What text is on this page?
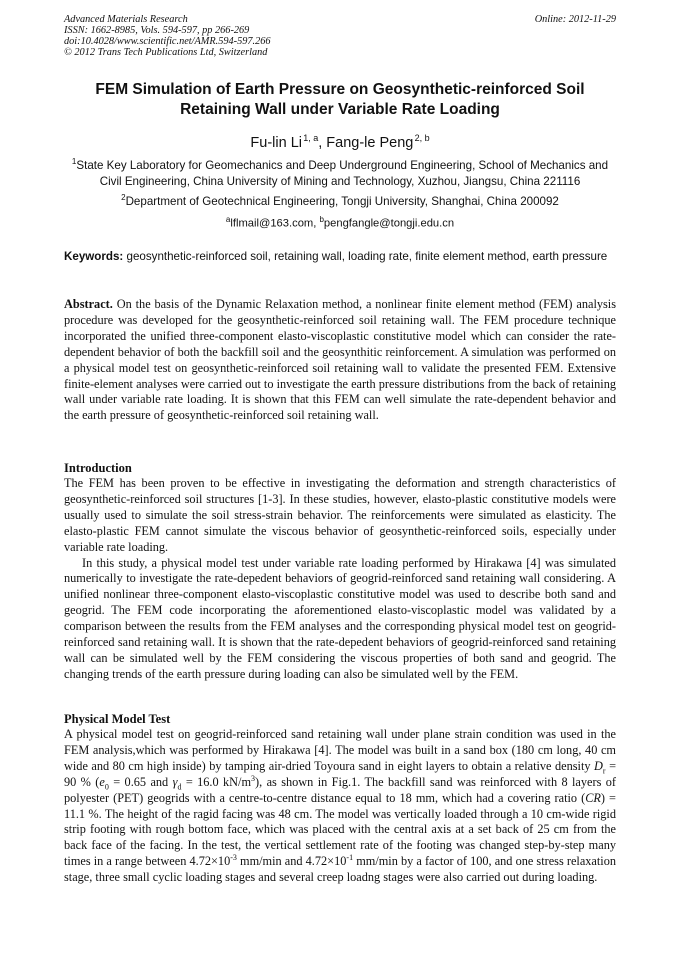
Advanced Materials Research
ISSN: 1662-8985, Vols. 594-597, pp 266-269
doi:10.4028/www.scientific.net/AMR.594-597.266
© 2012 Trans Tech Publications Ltd, Switzerland
Online: 2012-11-29
FEM Simulation of Earth Pressure on Geosynthetic-reinforced Soil
Retaining Wall under Variable Rate Loading
Fu-lin Li $^{1, a}$, Fang-le Peng $^{2, b}$
$^1$State Key Laboratory for Geomechanics and Deep Underground Engineering, School of Mechanics and Civil Engineering, China University of Mining and Technology, Xuzhou, Jiangsu, China 221116
$^2$Department of Geotechnical Engineering, Tongji University, Shanghai, China 200092
$^a$lflmail@163.com, $^b$pengfangle@tongji.edu.cn
Keywords: geosynthetic-reinforced soil, retaining wall, loading rate, finite element method, earth pressure
Abstract. On the basis of the Dynamic Relaxation method, a nonlinear finite element method (FEM) analysis procedure was developed for the geosynthetic-reinforced soil retaining wall. The FEM procedure technique incorporated the unified three-component elasto-viscoplastic constitutive model which can consider the rate-dependent behavior of both the backfill soil and the geosynthitic reinforcement. A simulation was performed on a physical model test on geosynthetic-reinforced soil retaining wall to validate the presented FEM. Extensive finite-element analyses were carried out to investigate the earth pressure distributions from the back of retaining wall under variable rate loading. It is shown that this FEM can well simulate the rate-dependent behavior and the earth pressure of geosynthetic-reinforced soil retaining wall.
Introduction

The FEM has been proven to be effective in investigating the deformation and strength characteristics of geosynthetic-reinforced soil structures [1-3]. In these studies, however, elasto-plastic constitutive models were usually used to simulate the soil stress-strain behavior. The reinforcements were simulated as elasticity. The elasto-plastic FEM cannot simulate the viscous behavior of geosynthetic-reinforced soils, especially under variable rate loading.

In this study, a physical model test under variable rate loading performed by Hirakawa [4] was simulated numerically to investigate the rate-depedent behaviors of geogrid-reinforced sand retaining wall considering. A unified nonlinear three-component elasto-viscoplastic constitutive model was used to describe both sand and geogrid. The FEM code incorporating the aforementioned elasto-viscoplastic model was validated by a comparison between the results from the FEM analyses and the corresponding physical model test on geogrid-reinforced sand retaining wall. It is shown that the rate-depedent behaviors of geogrid-reinforced sand retaining wall can be simulated well by the FEM considering the viscous properties of both sand and geogrid. The changing trends of the earth pressure during loading can also be simulated well by the FEM.

Physical Model Test

A physical model test on geogrid-reinforced sand retaining wall under plane strain condition was used in the FEM analysis,which was performed by Hirakawa [4]. The model was built in a sand box (180 cm long, 40 cm wide and 80 cm high inside) by tamping air-dried Toyoura sand in eight layers to obtain a relative density $D_r = 90$ % ($e_0 = 0.65$ and $\gamma_d = 16.0$ $kN/m^3$), as shown in Fig.1. The backfill sand was reinforced with 8 layers of polyester (PET) geogrids with a centre-to-centre distance equal to 18 mm, which had a covering ratio (CR) = 11.1 %. The height of the ragid facing was 48 cm. The model was vertically loaded through a 10 cm-wide rigid strip footing with rough bottom face, which was placed with the central axis at a set back of 25 cm from the back face of the facing. In the test, the vertical settlement rate of the footing was changed step-by-step many times in a range between $4.72\times 10^{-3}$ mm/min and $4.72\times 10^{-1}$ mm/min by a factor of 100, and one stress relaxation stage, three small cyclic loading stages and several creep loadng stages were also carried out during loading.
